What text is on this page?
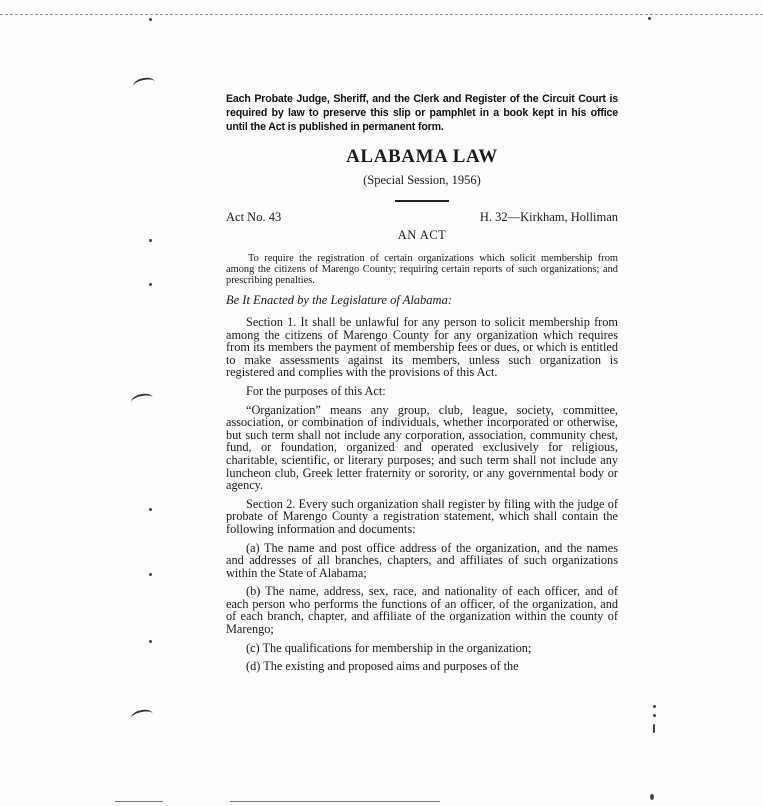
Each Probate Judge, Sheriff, and the Clerk and Register of the Circuit Court is required by law to preserve this slip or pamphlet in a book kept in his office until the Act is published in permanent form.

ALABAMA LAW
(Special Session, 1956)
Act No. 43	H. 32—Kirkham, Holliman
AN ACT

To require the registration of certain organizations which solicit membership from among the citizens of Marengo County; requiring certain reports of such organizations; and prescribing penalties.

Be It Enacted by the Legislature of Alabama:

Section 1. It shall be unlawful for any person to solicit membership from among the citizens of Marengo County for any organization which requires from its members the payment of membership fees or dues, or which is entitled to make assessments against its members, unless such organization is registered and complies with the provisions of this Act.

For the purposes of this Act:

“Organization” means any group, club, league, society, committee, association, or combination of individuals, whether incorporated or otherwise, but such term shall not include any corporation, association, community chest, fund, or foundation, organized and operated exclusively for religious, charitable, scientific, or literary purposes; and such term shall not include any luncheon club, Greek letter fraternity or sorority, or any governmental body or agency.

Section 2. Every such organization shall register by filing with the judge of probate of Marengo County a registration statement, which shall contain the following information and documents:

(a) The name and post office address of the organization, and the names and addresses of all branches, chapters, and affiliates of such organizations within the State of Alabama;

(b) The name, address, sex, race, and nationality of each officer, and of each person who performs the functions of an officer, of the organization, and of each branch, chapter, and affiliate of the organization within the county of Marengo;

(c) The qualifications for membership in the organization;

(d) The existing and proposed aims and purposes of the
